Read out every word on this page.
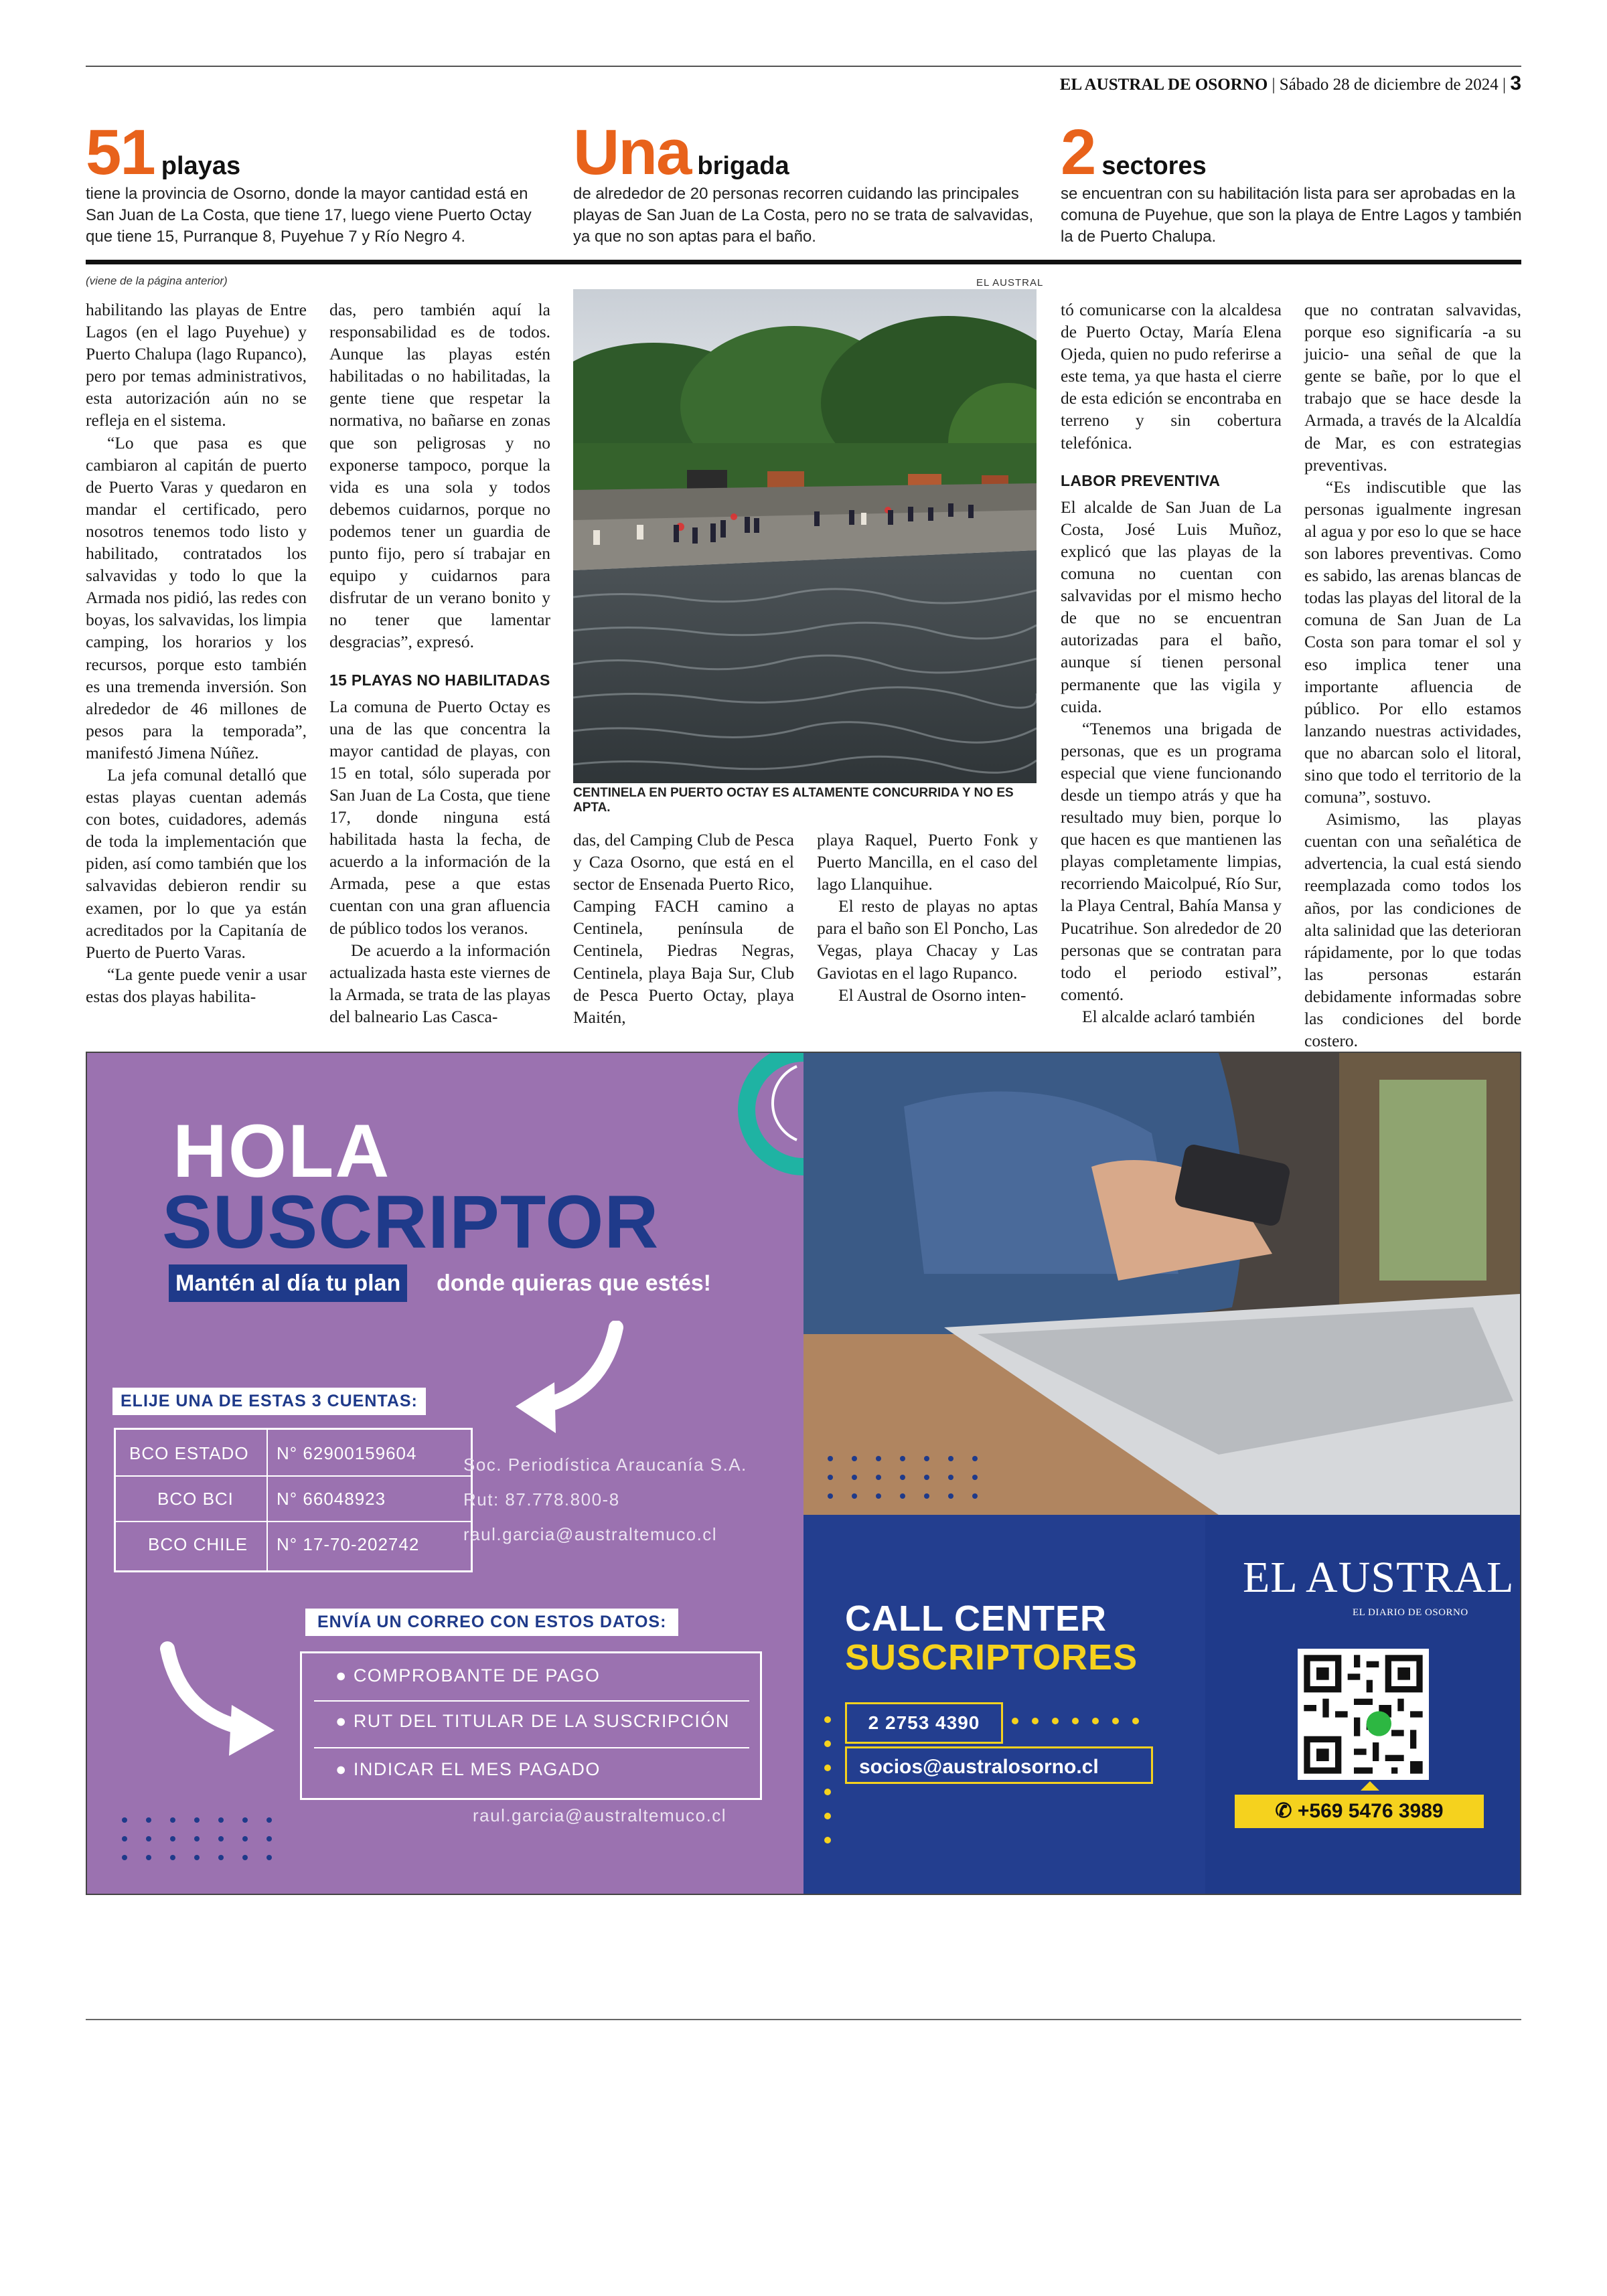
EL AUSTRAL DE OSORNO | Sábado 28 de diciembre de 2024 | 3
51 playas

tiene la provincia de Osorno, donde la mayor cantidad está en San Juan de La Costa, que tiene 17, luego viene Puerto Octay que tiene 15, Purranque 8, Puyehue 7 y Río Negro 4.

Una brigada

de alrededor de 20 personas recorren cuidando las principales playas de San Juan de La Costa, pero no se trata de salvavidas, ya que no son aptas para el baño.

2 sectores

se encuentran con su habilitación lista para ser aprobadas en la comuna de Puyehue, que son la playa de Entre Lagos y también la de Puerto Chalupa.

(viene de la página anterior)

habilitando las playas de Entre Lagos (en el lago Puyehue) y Puerto Chalupa (lago Rupanco), pero por temas administrativos, esta autorización aún no se refleja en el sistema.

“Lo que pasa es que cambiaron al capitán de puerto de Puerto Varas y quedaron en mandar el certificado, pero nosotros tenemos todo listo y habilitado, contratados los salvavidas y todo lo que la Armada nos pidió, las redes con boyas, los salvavidas, los limpia camping, los horarios y los recursos, porque esto también es una tremenda inversión. Son alrededor de 46 millones de pesos para la temporada”, manifestó Jimena Núñez.

La jefa comunal detalló que estas playas cuentan además con botes, cuidadores, además de toda la implementación que piden, así como también que los salvavidas debieron rendir su examen, por lo que ya están acreditados por la Capitanía de Puerto de Puerto Varas.

“La gente puede venir a usar estas dos playas habilita-

das, pero también aquí la responsabilidad es de todos. Aunque las playas estén habilitadas o no habilitadas, la gente tiene que respetar la normativa, no bañarse en zonas que son peligrosas y no exponerse tampoco, porque la vida es una sola y todos debemos cuidarnos, porque no podemos tener un guardia de punto fijo, pero sí trabajar en equipo y cuidarnos para disfrutar de un verano bonito y no tener que lamentar desgracias”, expresó.

15 PLAYAS NO HABILITADAS

La comuna de Puerto Octay es una de las que concentra la mayor cantidad de playas, con 15 en total, sólo superada por San Juan de La Costa, que tiene 17, donde ninguna está habilitada hasta la fecha, de acuerdo a la información de la Armada, pese a que estas cuentan con una gran afluencia de público todos los veranos.

De acuerdo a la información actualizada hasta este viernes de la Armada, se trata de las playas del balneario Las Casca-

EL AUSTRAL
CENTINELA EN PUERTO OCTAY ES ALTAMENTE CONCURRIDA Y NO ES APTA.

das, del Camping Club de Pesca y Caza Osorno, que está en el sector de Ensenada Puerto Rico, Camping FACH camino a Centinela, península de Centinela, Piedras Negras, Centinela, playa Baja Sur, Club de Pesca Puerto Octay, playa Maitén,

playa Raquel, Puerto Fonk y Puerto Mancilla, en el caso del lago Llanquihue.

El resto de playas no aptas para el baño son El Poncho, Las Vegas, playa Chacay y Las Gaviotas en el lago Rupanco.

El Austral de Osorno inten-

tó comunicarse con la alcaldesa de Puerto Octay, María Elena Ojeda, quien no pudo referirse a este tema, ya que hasta el cierre de esta edición se encontraba en terreno y sin cobertura telefónica.

LABOR PREVENTIVA

El alcalde de San Juan de La Costa, José Luis Muñoz, explicó que las playas de la comuna no cuentan con salvavidas por el mismo hecho de que no se encuentran autorizadas para el baño, aunque sí tienen personal permanente que las vigila y cuida.

“Tenemos una brigada de personas, que es un programa especial que viene funcionando desde un tiempo atrás y que ha resultado muy bien, porque lo que hacen es que mantienen las playas completamente limpias, recorriendo Maicolpué, Río Sur, la Playa Central, Bahía Mansa y Pucatrihue. Son alrededor de 20 personas que se contratan para todo el periodo estival”, comentó.

El alcalde aclaró también

que no contratan salvavidas, porque eso significaría -a su juicio- una señal de que la gente se bañe, por lo que el trabajo que se hace desde la Armada, a través de la Alcaldía de Mar, es con estrategias preventivas.

“Es indiscutible que las personas igualmente ingresan al agua y por eso lo que se hace son labores preventivas. Como es sabido, las arenas blancas de todas las playas del litoral de la comuna de San Juan de La Costa son para tomar el sol y eso implica tener una importante afluencia de público. Por ello estamos lanzando nuestras actividades, que no abarcan solo el litoral, sino que todo el territorio de la comuna”, sostuvo.

Asimismo, las playas cuentan con una señalética de advertencia, la cual está siendo reemplazada como todos los años, por las condiciones de alta salinidad que las deterioran rápidamente, por lo que todas las personas estarán debidamente informadas sobre las condiciones del borde costero.

HOLA
SUSCRIPTOR
Mantén al día tu plan donde quieras que estés!
ELIJE UNA DE ESTAS 3 CUENTAS:
BCO ESTADO N° 62900159604
BCO BCI N° 66048923
BCO CHILE N° 17-70-202742
Soc. Periodística Araucanía S.A.
Rut: 87.778.800-8
raul.garcia@australtemuco.cl
ENVÍA UN CORREO CON ESTOS DATOS:
● COMPROBANTE DE PAGO
● RUT DEL TITULAR DE LA SUSCRIPCIÓN
● INDICAR EL MES PAGADO
raul.garcia@australtemuco.cl
CALL CENTER
SUSCRIPTORES
2 2753 4390
socios@australosorno.cl
EL AUSTRAL
EL DIARIO DE OSORNO
✆ +569 5476 3989
